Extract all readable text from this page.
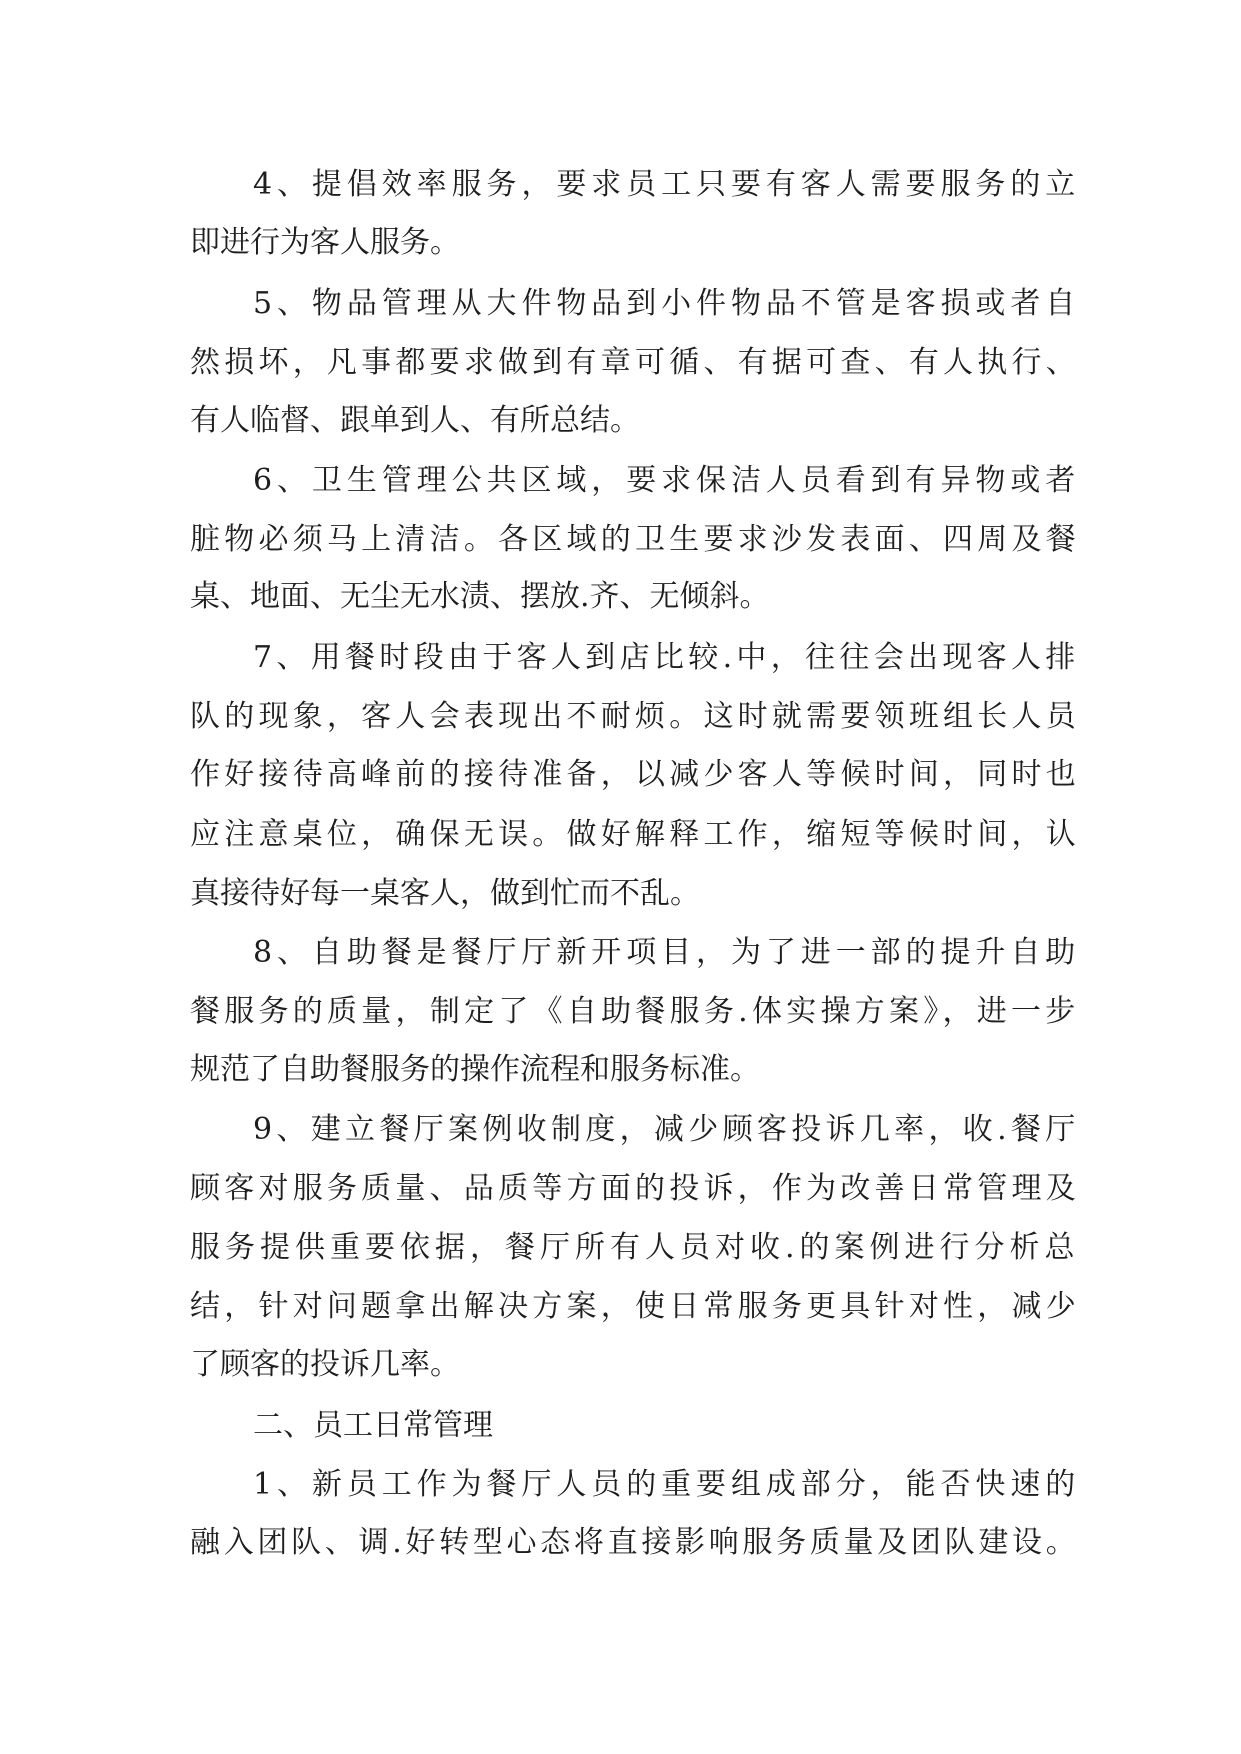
4、提倡效率服务，要求员工只要有客人需要服务的立

即进行为客人服务。

5、物品管理从大件物品到小件物品不管是客损或者自

然损坏，凡事都要求做到有章可循、有据可查、有人执行、

有人临督、跟单到人、有所总结。

6、卫生管理公共区域，要求保洁人员看到有异物或者

脏物必须马上清洁。各区域的卫生要求沙发表面、四周及餐

桌、地面、无尘无水渍、摆放.齐、无倾斜。

7、用餐时段由于客人到店比较.中，往往会出现客人排

队的现象，客人会表现出不耐烦。这时就需要领班组长人员

作好接待高峰前的接待准备，以减少客人等候时间，同时也

应注意桌位，确保无误。做好解释工作，缩短等候时间，认

真接待好每一桌客人，做到忙而不乱。

8、自助餐是餐厅厅新开项目，为了进一部的提升自助

餐服务的质量，制定了《自助餐服务.体实操方案》，进一步

规范了自助餐服务的操作流程和服务标准。

9、建立餐厅案例收制度，减少顾客投诉几率，收.餐厅

顾客对服务质量、品质等方面的投诉，作为改善日常管理及

服务提供重要依据，餐厅所有人员对收.的案例进行分析总

结，针对问题拿出解决方案，使日常服务更具针对性，减少

了顾客的投诉几率。

二、员工日常管理

1、新员工作为餐厅人员的重要组成部分，能否快速的

融入团队、调.好转型心态将直接影响服务质量及团队建设。
